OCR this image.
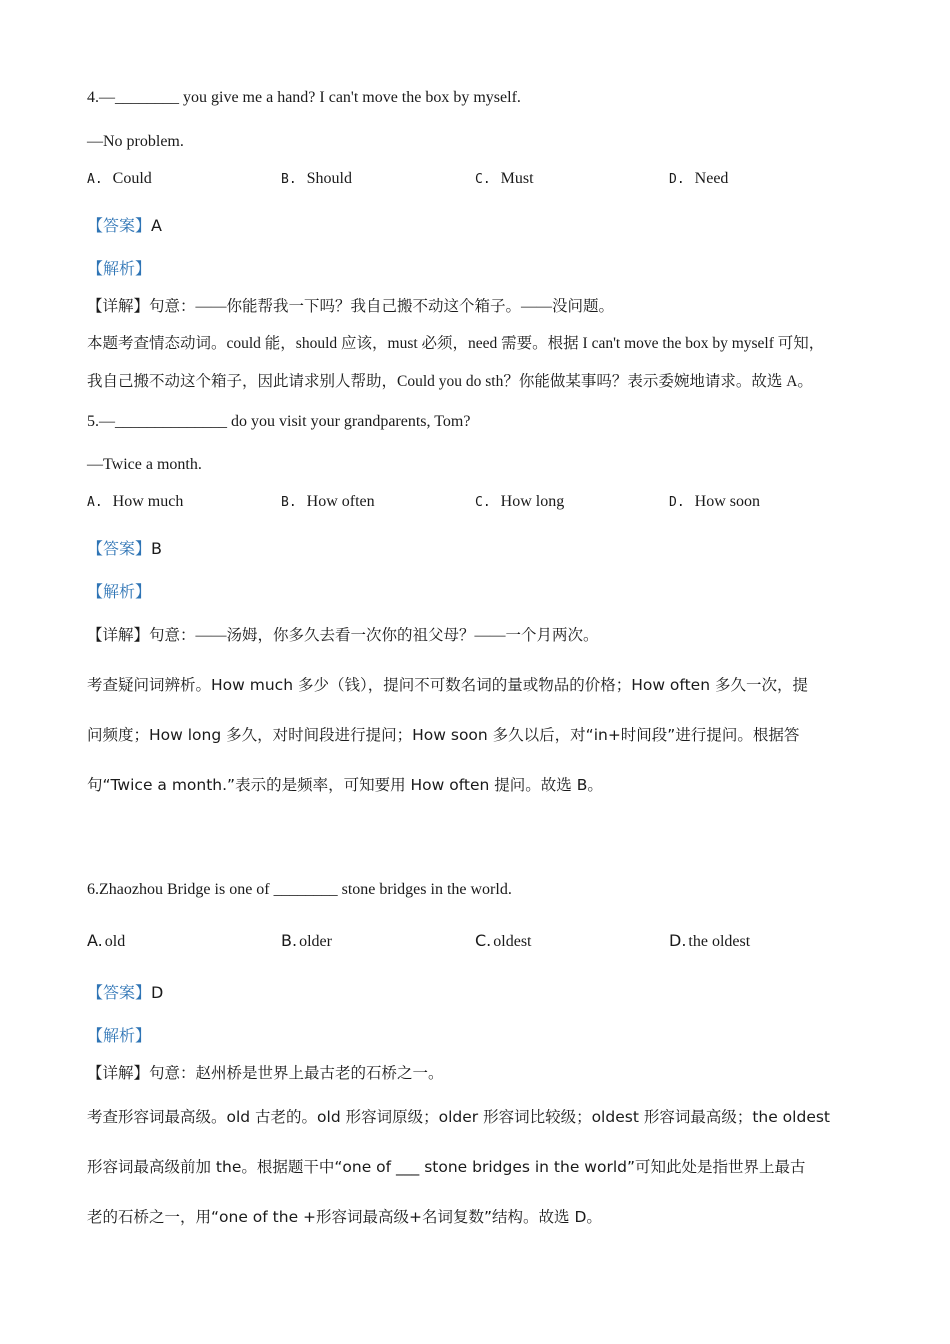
4.—________ you give me a hand? I can't move the box by myself.
—No problem.
A. Could	B. Should	C. Must	D. Need
【答案】A
【解析】
【详解】句意：——你能帮我一下吗？我自己搬不动这个箱子。——没问题。
本题考查情态动词。could 能，should 应该，must 必须，need 需要。根据 I can't move the box by myself 可知，
我自己搬不动这个箱子，因此请求别人帮助，Could you do sth？你能做某事吗？表示委婉地请求。故选 A。
5.—______________ do you visit your grandparents, Tom?
—Twice a month.
A. How much	B. How often	C. How long	D. How soon
【答案】B
【解析】
【详解】句意：——汤姆，你多久去看一次你的祖父母？——一个月两次。
考查疑问词辨析。How much 多少（钱），提问不可数名词的量或物品的价格；How often 多久一次，提
问频度；How long 多久，对时间段进行提问；How soon 多久以后，对“in+时间段”进行提问。根据答
句“Twice a month.”表示的是频率，可知要用 How often 提问。故选 B。
6.Zhaozhou Bridge is one of ________ stone bridges in the world.
A. old	B. older	C. oldest	D. the oldest
【答案】D
【解析】
【详解】句意：赵州桥是世界上最古老的石桥之一。
考查形容词最高级。old 古老的。old 形容词原级；older 形容词比较级；oldest 形容词最高级；the oldest
形容词最高级前加 the。根据题干中“one of ___ stone bridges in the world”可知此处是指世界上最古
老的石桥之一，用“one of the +形容词最高级+名词复数”结构。故选 D。
